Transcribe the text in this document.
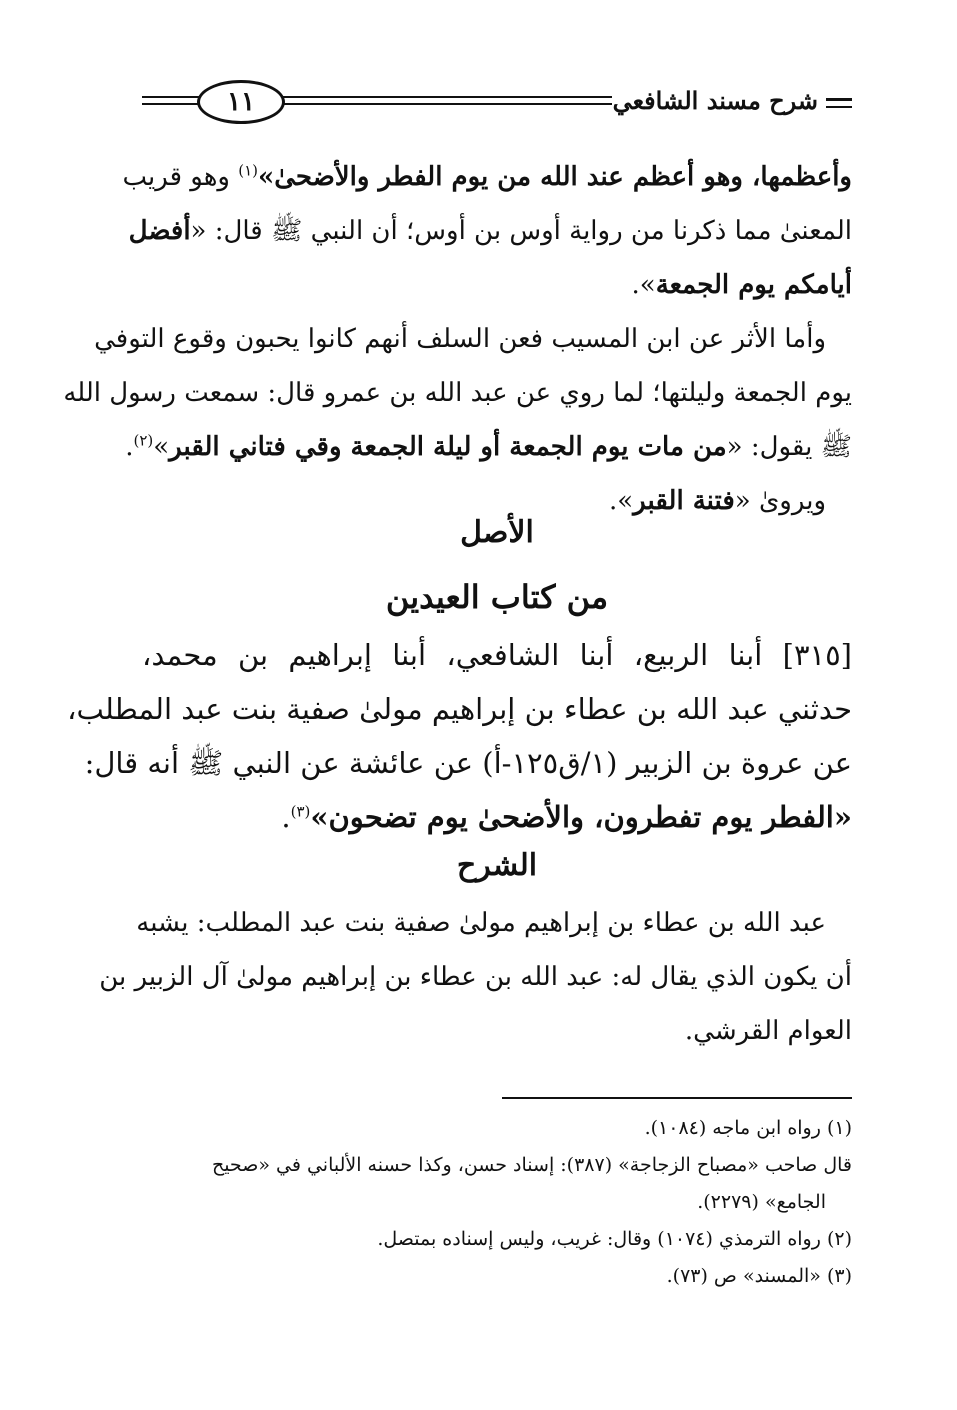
شرح مسند الشافعي
١١
وأعظمها، وهو أعظم عند الله من يوم الفطر والأضحىٰ»$^{(١)}$ وهو قريب
المعنىٰ مما ذكرنا من رواية أوس بن أوس؛ أن النبي ﷺ قال: «أفضل
أيامكم يوم الجمعة».
وأما الأثر عن ابن المسيب فعن السلف أنهم كانوا يحبون وقوع التوفي
يوم الجمعة وليلتها؛ لما روي عن عبد الله بن عمرو قال: سمعت رسول الله
ﷺ يقول: «من مات يوم الجمعة أو ليلة الجمعة وقي فتاني القبر»$^{(٢)}$.
ويروىٰ «فتنة القبر».
الأصل
من كتاب العيدين
[٣١٥] أبنا الربيع، أبنا الشافعي، أبنا إبراهيم بن محمد،
حدثني عبد الله بن عطاء بن إبراهيم مولىٰ صفية بنت عبد المطلب،
عن عروة بن الزبير (١/ق١٢٥-أ) عن عائشة عن النبي ﷺ أنه قال:
«الفطر يوم تفطرون، والأضحىٰ يوم تضحون»$^{(٣)}$.
الشرح
عبد الله بن عطاء بن إبراهيم مولىٰ صفية بنت عبد المطلب: يشبه
أن يكون الذي يقال له: عبد الله بن عطاء بن إبراهيم مولىٰ آل الزبير بن
العوام القرشي.
(١) رواه ابن ماجه (١٠٨٤).
قال صاحب «مصباح الزجاجة» (٣٨٧): إسناد حسن، وكذا حسنه الألباني في «صحيح
الجامع» (٢٢٧٩).
(٢) رواه الترمذي (١٠٧٤) وقال: غريب، وليس إسناده بمتصل.
(٣) «المسند» ص (٧٣).
